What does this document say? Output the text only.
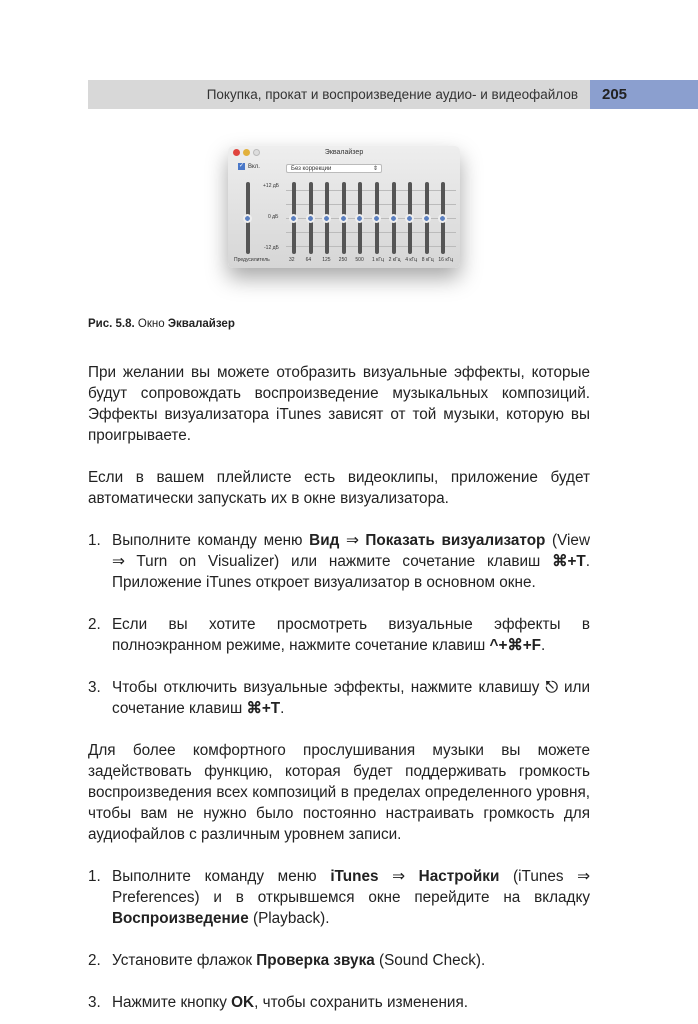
Покупка, прокат и воспроизведение аудио- и видеофайлов	205
Эквалайзер
✓ Вкл.	Без коррекции	⇕
+12 дБ
0 дБ
-12 дБ
Предусилитель	32 64 125 250 500 1 кГц 2 кГц 4 кГц 8 кГц 16 кГц
Рис. 5.8. Окно Эквалайзер

При желании вы можете отобразить визуальные эффекты, которые будут сопровождать воспроизведение музыкальных композиций. Эффекты визуализатора iTunes зависят от той музыки, которую вы проигрываете.

Если в вашем плейлисте есть видеоклипы, приложение будет автоматически запускать их в окне визуализатора.

1. Выполните команду меню Вид ⇒ Показать визуализатор (View ⇒ Turn on Visualizer) или нажмите сочетание клавиш ⌘+T. Приложение iTunes откроет визуализатор в основном окне.
2. Если вы хотите просмотреть визуальные эффекты в полноэкранном режиме, нажмите сочетание клавиш ^+⌘+F.
3. Чтобы отключить визуальные эффекты, нажмите клавишу ⎋ или сочетание клавиш ⌘+T.

Для более комфортного прослушивания музыки вы можете задействовать функцию, которая будет поддерживать громкость воспроизведения всех композиций в пределах определенного уровня, чтобы вам не нужно было постоянно настраивать громкость для аудиофайлов с различным уровнем записи.

1. Выполните команду меню iTunes ⇒ Настройки (iTunes ⇒ Preferences) и в открывшемся окне перейдите на вкладку Воспроизведение (Playback).
2. Установите флажок Проверка звука (Sound Check).
3. Нажмите кнопку OK, чтобы сохранить изменения.
